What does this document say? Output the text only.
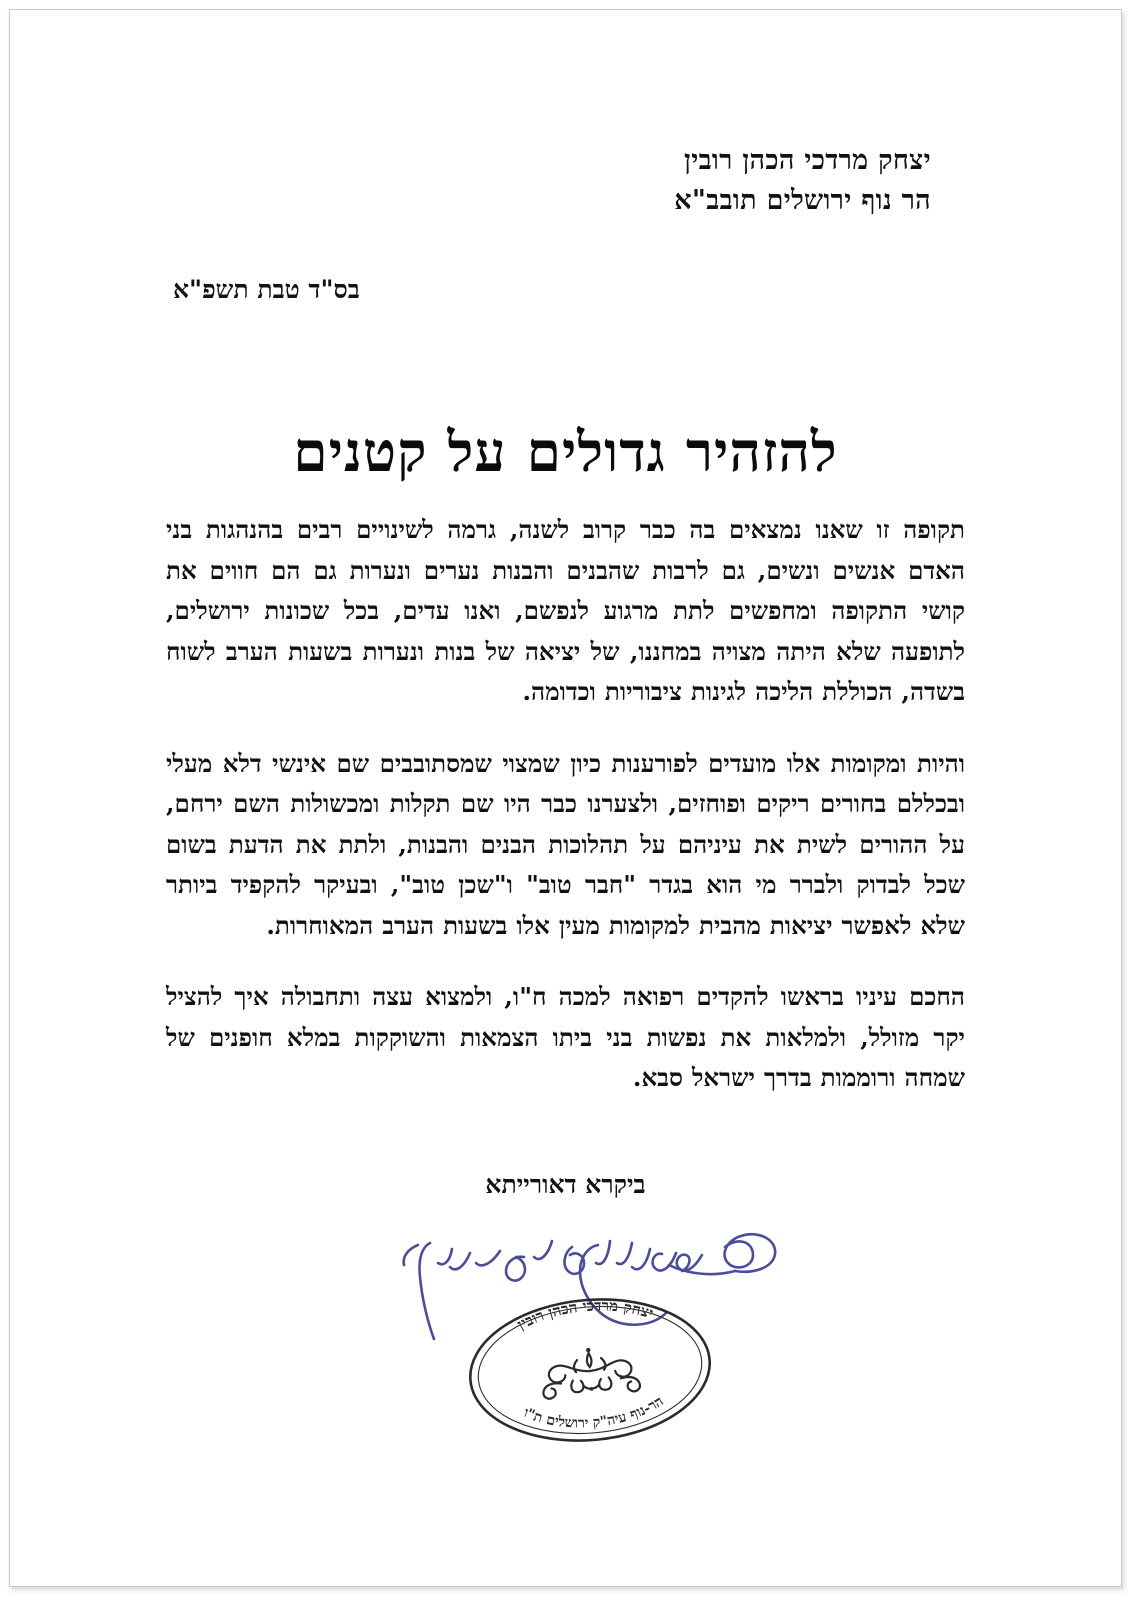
יצחק מרדכי הכהן רובין
הר נוף ירושלים תובב"א
בס"ד טבת תשפ"א
להזהיר גדולים על קטנים

תקופה זו שאנו נמצאים בה כבר קרוב לשנה, גרמה לשינויים רבים בהנהגות בני האדם אנשים ונשים, גם לרבות שהבנים והבנות נערים ונערות גם הם חווים את קושי התקופה ומחפשים לתת מרגוע לנפשם, ואנו עדים, בכל שכונות ירושלים, לתופעה שלא היתה מצויה במחננו, של יציאה של בנות ונערות בשעות הערב לשוח בשדה, הכוללת הליכה לגינות ציבוריות וכדומה.

והיות ומקומות אלו מועדים לפורענות כיון שמצוי שמסתובבים שם אינשי דלא מעלי ובכללם בחורים ריקים ופוחזים, ולצערנו כבר היו שם תקלות ומכשולות השם ירחם, על ההורים לשית את עיניהם על תהלוכות הבנים והבנות, ולתת את הדעת בשום שכל לבדוק ולברר מי הוא בגדר "חבר טוב" ו"שכן טוב", ובעיקר להקפיד ביותר שלא לאפשר יציאות מהבית למקומות מעין אלו בשעות הערב המאוחרות.

החכם עיניו בראשו להקדים רפואה למכה ח"ו, ולמצוא עצה ותחבולה איך להציל יקר מזולל, ולמלאות את נפשות בני ביתו הצמאות והשוקקות במלא חופנים של שמחה ורוממות בדרך ישראל סבא.

ביקרא דאורייתא
יצחק מרדכי הכהן רובין
הר-נוף עיה"ק ירושלים ת"ו
